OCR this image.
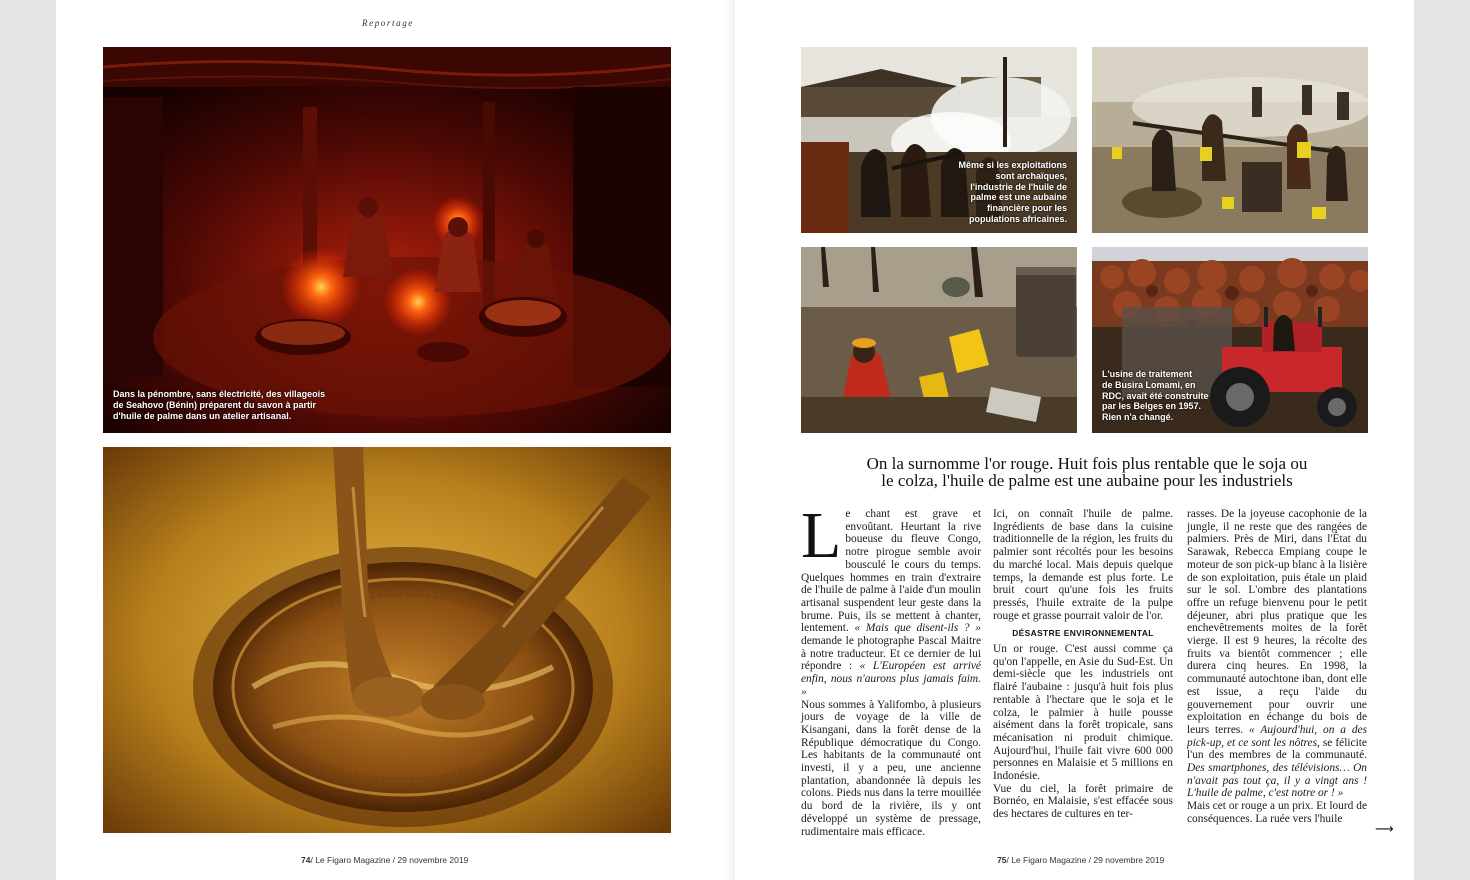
Reportage
Dans la pénombre, sans électricité, des villageois
de Seahovo (Bénin) préparent du savon à partir
d'huile de palme dans un atelier artisanal.
74/ Le Figaro Magazine / 29 novembre 2019
Même si les exploitations
sont archaïques,
l'industrie de l'huile de
palme est une aubaine
financière pour les
populations africaines.
L'usine de traitement
de Busira Lomami, en
RDC, avait été construite
par les Belges en 1957.
Rien n'a changé.
On la surnomme l'or rouge. Huit fois plus rentable que le soja ou
le colza, l'huile de palme est une aubaine pour les industriels

Le chant est grave et envoûtant. Heurtant la rive boueuse du fleuve Congo, notre pirogue semble avoir bousculé le cours du temps. Quelques hommes en train d'extraire de l'huile de palme à l'aide d'un moulin artisanal suspendent leur geste dans la brume. Puis, ils se mettent à chanter, lentement. « Mais que disent-ils ? » demande le photographe Pascal Maitre à notre traducteur. Et ce dernier de lui répondre : « L'Européen est arrivé enfin, nous n'aurons plus jamais faim. »

Nous sommes à Yalifombo, à plusieurs jours de voyage de la ville de Kisangani, dans la forêt dense de la République démocratique du Congo. Les habitants de la communauté ont investi, il y a peu, une ancienne plantation, abandonnée là depuis les colons. Pieds nus dans la terre mouillée du bord de la rivière, ils y ont développé un système de pressage, rudimentaire mais efficace.

Ici, on connaît l'huile de palme. Ingrédients de base dans la cuisine traditionnelle de la région, les fruits du palmier sont récoltés pour les besoins du marché local. Mais depuis quelque temps, la demande est plus forte. Le bruit court qu'une fois les fruits pressés, l'huile extraite de la pulpe rouge et grasse pourrait valoir de l'or.

DÉSASTRE ENVIRONNEMENTAL

Un or rouge. C'est aussi comme ça qu'on l'appelle, en Asie du Sud-Est. Un demi-siècle que les industriels ont flairé l'aubaine : jusqu'à huit fois plus rentable à l'hectare que le soja et le colza, le palmier à huile pousse aisément dans la forêt tropicale, sans mécanisation ni produit chimique. Aujourd'hui, l'huile fait vivre 600 000 personnes en Malaisie et 5 millions en Indonésie.

Vue du ciel, la forêt primaire de Bornéo, en Malaisie, s'est effacée sous des hectares de cultures en ter-

rasses. De la joyeuse cacophonie de la jungle, il ne reste que des rangées de palmiers. Près de Miri, dans l'État du Sarawak, Rebecca Empiang coupe le moteur de son pick-up blanc à la lisière de son exploitation, puis étale un plaid sur le sol. L'ombre des plantations offre un refuge bienvenu pour le petit déjeuner, abri plus pratique que les enchevêtrements moites de la forêt vierge. Il est 9 heures, la récolte des fruits va bientôt commencer ; elle durera cinq heures. En 1998, la communauté autochtone iban, dont elle est issue, a reçu l'aide du gouvernement pour ouvrir une exploitation en échange du bois de leurs terres. « Aujourd'hui, on a des pick-up, et ce sont les nôtres, se félicite l'un des membres de la communauté. Des smartphones, des télévisions… On n'avait pas tout ça, il y a vingt ans ! L'huile de palme, c'est notre or ! »

Mais cet or rouge a un prix. Et lourd de conséquences. La ruée vers l'huile

⟶
75/ Le Figaro Magazine / 29 novembre 2019
